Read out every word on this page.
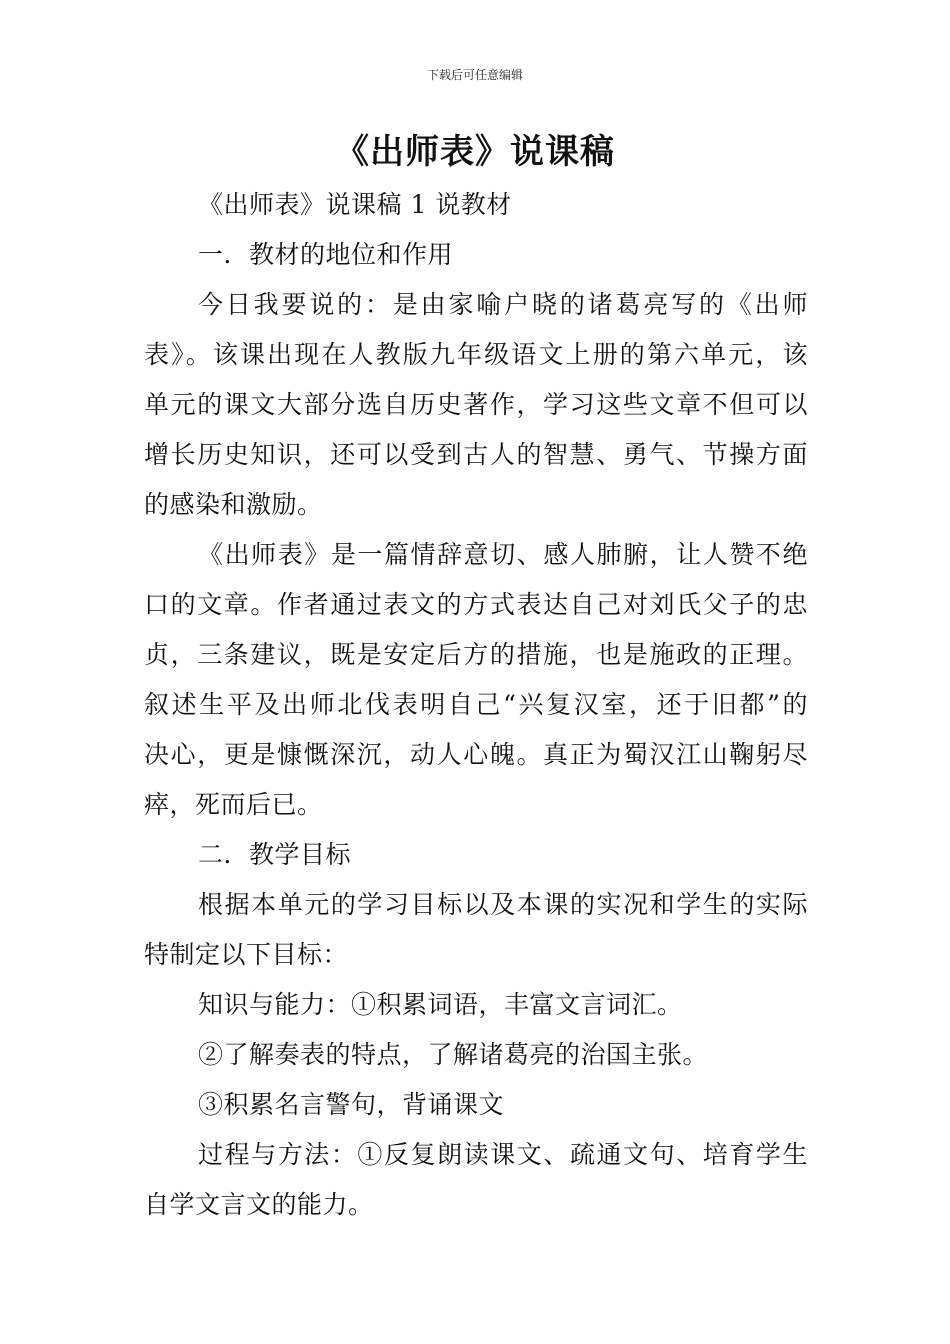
下载后可任意编辑
《出师表》说课稿
《出师表》说课稿 1 说教材
一．教材的地位和作用
今日我要说的：是由家喻户晓的诸葛亮写的《出师
表》。该课出现在人教版九年级语文上册的第六单元，该
单元的课文大部分选自历史著作，学习这些文章不但可以
增长历史知识，还可以受到古人的智慧、勇气、节操方面
的感染和激励。
《出师表》是一篇情辞意切、感人肺腑，让人赞不绝
口的文章。作者通过表文的方式表达自己对刘氏父子的忠
贞，三条建议，既是安定后方的措施，也是施政的正理。
叙述生平及出师北伐表明自己“兴复汉室，还于旧都”的
决心，更是慷慨深沉，动人心魄。真正为蜀汉江山鞠躬尽
瘁，死而后已。
二．教学目标
根据本单元的学习目标以及本课的实况和学生的实际
特制定以下目标：
知识与能力：①积累词语，丰富文言词汇。
②了解奏表的特点，了解诸葛亮的治国主张。
③积累名言警句，背诵课文
过程与方法：①反复朗读课文、疏通文句、培育学生
自学文言文的能力。
